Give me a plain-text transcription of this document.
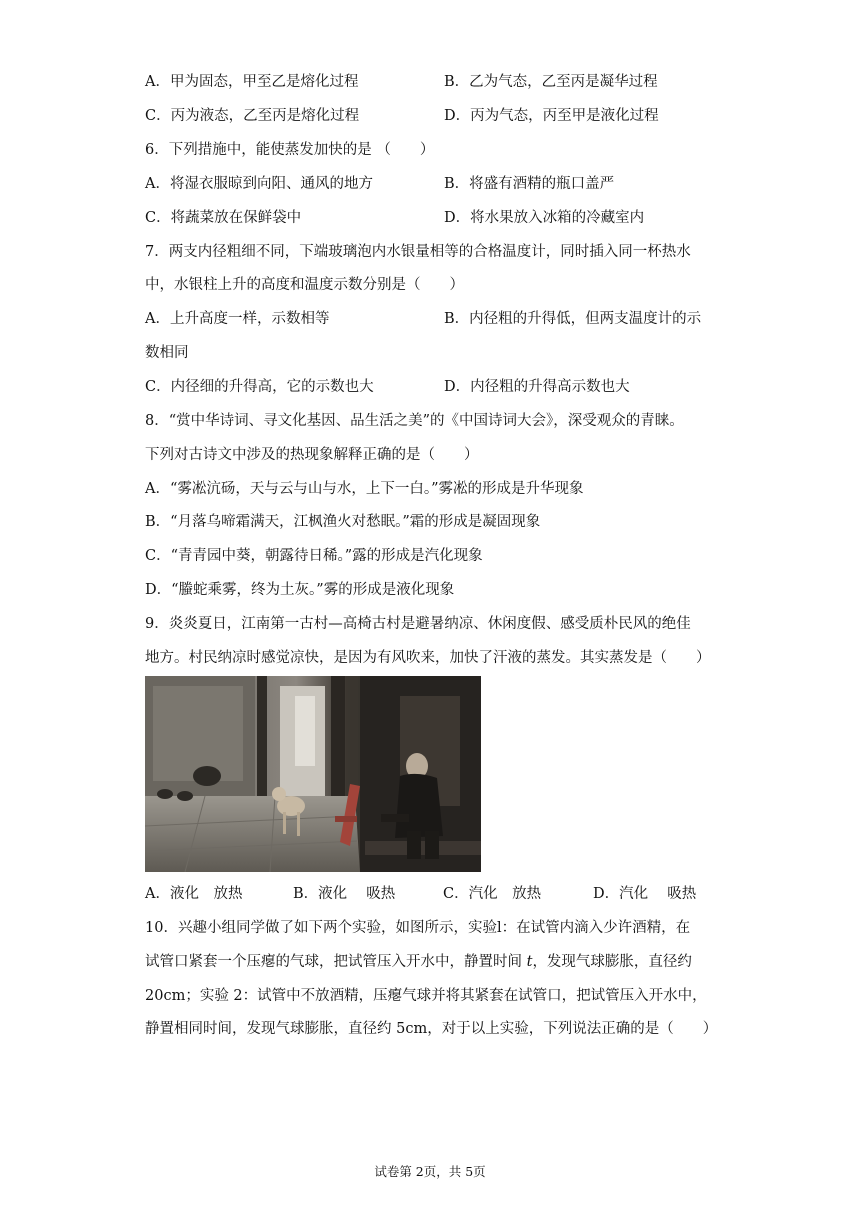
A．甲为固态，甲至乙是熔化过程	B．乙为气态，乙至丙是凝华过程
C．丙为液态，乙至丙是熔化过程	D．丙为气态，丙至甲是液化过程
6．下列措施中，能使蒸发加快的是 （　　）
A．将湿衣服晾到向阳、通风的地方	B．将盛有酒精的瓶口盖严
C．将蔬菜放在保鲜袋中	D．将水果放入冰箱的冷藏室内
7．两支内径粗细不同，下端玻璃泡内水银量相等的合格温度计，同时插入同一杯热水
中，水银柱上升的高度和温度示数分别是（　　）
A．上升高度一样，示数相等	B．内径粗的升得低，但两支温度计的示
数相同
C．内径细的升得高，它的示数也大	D．内径粗的升得高示数也大
8．“赏中华诗词、寻文化基因、品生活之美”的《中国诗词大会》，深受观众的青睐。
下列对古诗文中涉及的热现象解释正确的是（　　）
A．“雾凇沆砀，天与云与山与水，上下一白。”雾凇的形成是升华现象
B．“月落乌啼霜满天，江枫渔火对愁眠。”霜的形成是凝固现象
C．“青青园中葵，朝露待日稀。”露的形成是汽化现象
D．“螣蛇乘雾，终为土灰。”雾的形成是液化现象
9．炎炎夏日，江南第一古村—高椅古村是避暑纳凉、休闲度假、感受质朴民风的绝佳
地方。村民纳凉时感觉凉快，是因为有风吹来，加快了汗液的蒸发。其实蒸发是（　　）
A．液化　放热	B．液化　 吸热	C．汽化　放热	D．汽化　 吸热
10．兴趣小组同学做了如下两个实验，如图所示，实验l：在试管内滴入少许酒精，在
试管口紧套一个压瘪的气球，把试管压入开水中，静置时间 t，发现气球膨胀，直径约
20cm；实验 2：试管中不放酒精，压瘪气球并将其紧套在试管口，把试管压入开水中，
静置相同时间，发现气球膨胀，直径约 5cm，对于以上实验，下列说法正确的是（　　）
试卷第 2页，共 5页
